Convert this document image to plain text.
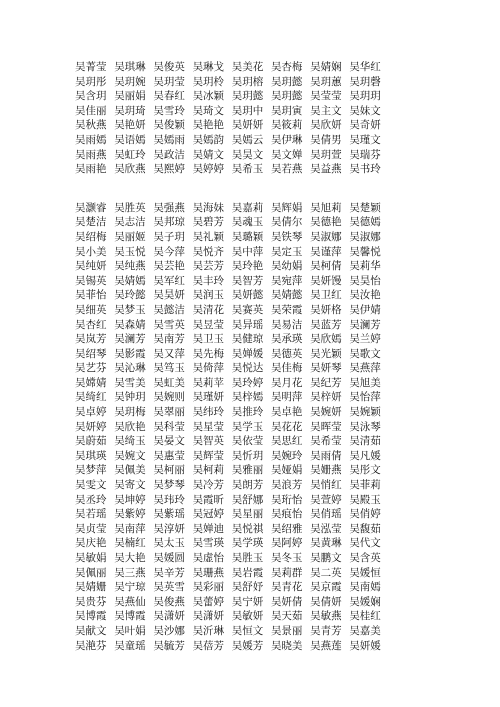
吴菁莹 吴琪琳 吴俊英 吴琳戈 吴美花 吴杏梅 吴婧娴 吴华红
吴玥彤 吴玥婉 吴玥莹 吴玥柃 吴玥榕 吴玥懿 吴玥蕙 吴玥磬
吴含玥 吴丽娟 吴春红 吴冰颖 吴玥懿 吴玥懿 吴莹莹 吴玥玥
吴佳丽 吴玥琦 吴雪玲 吴琦文 吴玥中 吴玥寅 吴主文 吴妹文
吴秋燕 吴艳妍 吴俊颖 吴艳艳 吴妍妍 吴筱莉 吴欣妍 吴奇妍
吴雨嫣 吴语嫣 吴嫣雨 吴嫣韵 吴嫣云 吴伊琳 吴倩男 吴瑾文
吴雨燕 吴虹玲 吴政洁 吴婧文 吴昊文 吴文婵 吴玥萱 吴瑞芬
吴雨艳 吴欣燕 吴熙婷 吴婷婷 吴希玉 吴若燕 吴益燕 吴书玲
吴灏睿 吴胜英 吴强燕 吴海妹 吴嘉莉 吴辉娟 吴旭莉 吴楚颖
吴楚洁 吴志洁 吴邦琼 吴碧芳 吴魂玉 吴倩尔 吴德艳 吴德嫣
吴绍梅 吴丽姬 吴子玥 吴礼颖 吴璐颖 吴铁琴 吴淑娜 吴淑娜
吴小美 吴玉悦 吴今萍 吴悦齐 吴中萍 吴定玉 吴谨萍 吴馨悦
吴纯妍 吴纯燕 吴芸艳 吴芸芳 吴玲艳 吴幼娟 吴柯倩 吴莉华
吴锡英 吴婧嫣 吴军红 吴丰玲 吴智芳 吴宛萍 吴妍馒 吴昊怡
吴菲怡 吴玲懿 吴昊妍 吴润玉 吴妍懿 吴婧懿 吴卫红 吴汝艳
吴细英 吴梦玉 吴懿洁 吴清花 吴赛英 吴荣霞 吴妍格 吴伊婧
吴杏红 吴森婧 吴雪英 吴昱莹 吴异瑶 吴易洁 吴蓝芳 吴澜芳
吴岚芳 吴澜芳 吴南芳 吴卫玉 吴健琼 吴承瑛 吴欣嫣 吴兰婷
吴绍琴 吴影霞 吴又萍 吴先梅 吴婵媛 吴德英 吴光颖 吴歌文
吴艺芬 吴沁琳 吴笃玉 吴倚萍 吴悦达 吴佳梅 吴妍琴 吴燕萍
吴嫦婧 吴雪美 吴虹美 吴莉苹 吴玲婷 吴月花 吴纪芳 吴旭美
吴绮红 吴钟玥 吴婉则 吴瑾妍 吴梓嫣 吴明萍 吴梓妍 吴怡萍
吴卓婷 吴玥梅 吴翠丽 吴纬玲 吴推玲 吴卓艳 吴婉妍 吴婉颖
吴妍婷 吴欣艳 吴科莹 吴星莹 吴学玉 吴花花 吴晖莹 吴泳琴
吴蔚茹 吴绮玉 吴晏文 吴智英 吴依莹 吴思红 吴希莹 吴清茹
吴琪瑛 吴婉文 吴惠莹 吴辉莹 吴忻玥 吴婉玲 吴雨倩 吴凡媛
吴梦萍 吴佩美 吴柯丽 吴柯莉 吴雅丽 吴娅娟 吴姗燕 吴彤文
吴雯文 吴寄文 吴梦琴 吴冷芳 吴朗芳 吴浪芳 吴悄红 吴菲莉
吴丞玲 吴坤婷 吴玮玲 吴霞昕 吴舒娜 吴珩怡 吴萱婷 吴殿玉
吴若瑶 吴紫婷 吴紫瑶 吴冠婷 吴星丽 吴痕怡 吴俏瑶 吴俏婷
吴贞莹 吴南萍 吴淳妍 吴婵迪 吴悦祺 吴绍雅 吴泓莹 吴馥茹
吴庆艳 吴楠红 吴太玉 吴雪瑛 吴学瑛 吴阿婷 吴黄琳 吴代文
吴敏娟 吴大艳 吴媛圆 吴虚怡 吴胜玉 吴冬玉 吴鹏文 吴含英
吴佩丽 吴三燕 吴辛芳 吴珊燕 吴岩霞 吴莉群 吴二英 吴媛恒
吴婧姗 吴宁琼 吴英雪 吴彩丽 吴舒妤 吴青花 吴京霞 吴南嫣
吴贵芬 吴燕仙 吴俊燕 吴蕾婷 吴宁妍 吴妍倩 吴倩妍 吴媛娴
吴博霞 吴博霞 吴潇妍 吴潇妍 吴敏妍 吴天茹 吴敏燕 吴桂红
吴献文 吴叶娟 吴沙娜 吴沂琳 吴恒文 吴景丽 吴青芳 吴嘉美
吴滟芬 吴童瑶 吴毓芳 吴蓓芳 吴媛芳 吴晓美 吴燕莲 吴妍媛
